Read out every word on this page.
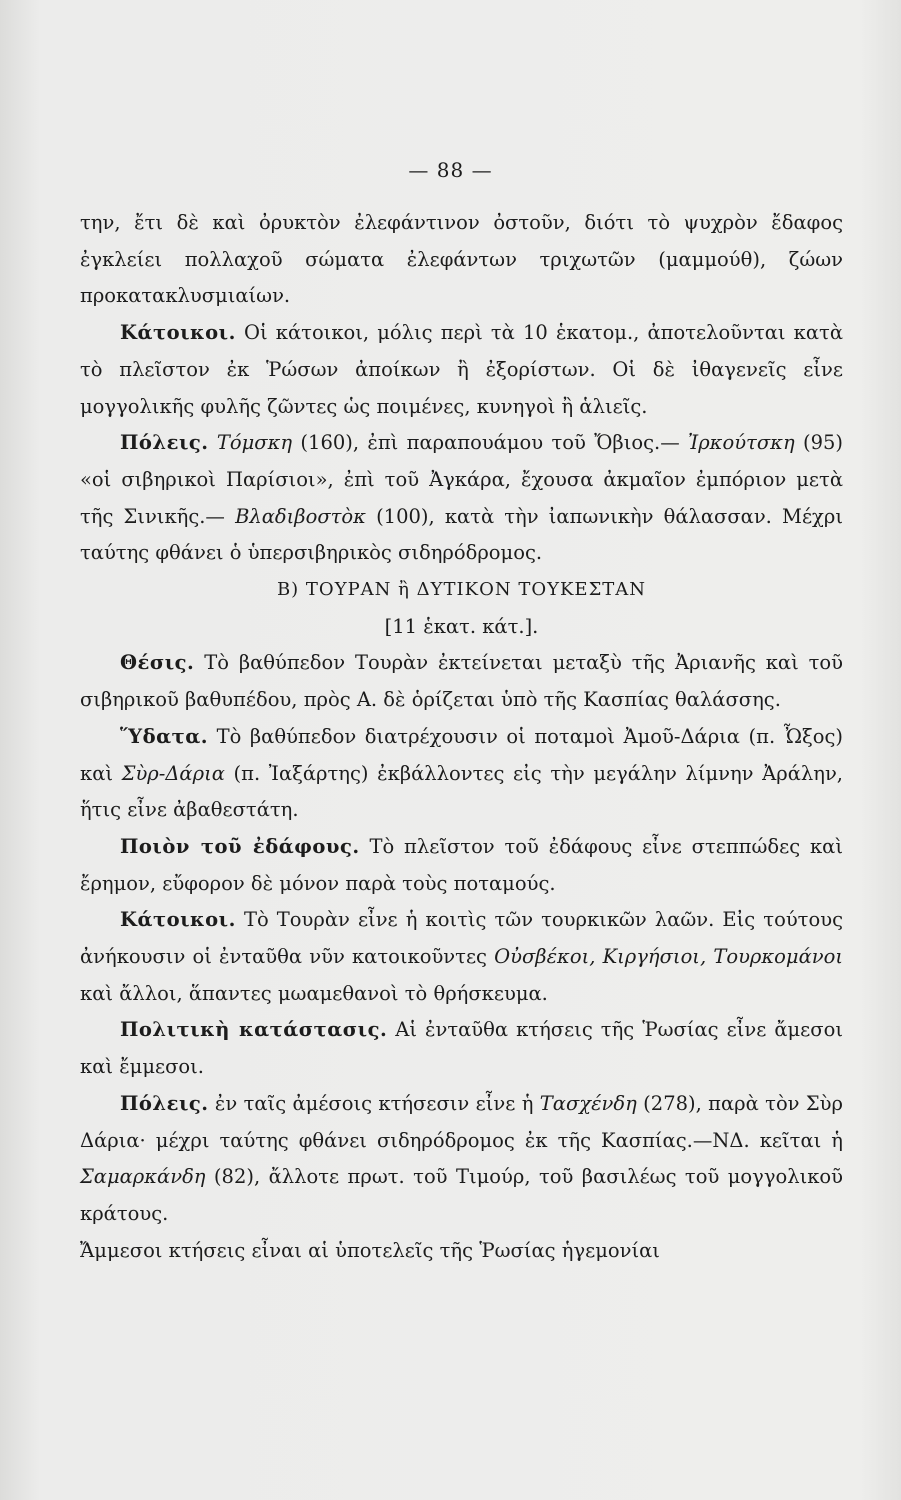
— 88 —

την, ἔτι δὲ καὶ ὀρυκτὸν ἐλεφάντινον ὀστοῦν, διότι τὸ ψυχρὸν ἔδαφος ἐγκλείει πολλαχοῦ σώματα ἐλεφάντων τριχωτῶν (μαμμούθ), ζώων προκατακλυσμιαίων.

Κάτοικοι. Οἱ κάτοικοι, μόλις περὶ τὰ 10 ἑκατομ., ἀποτελοῦνται κατὰ τὸ πλεῖστον ἐκ Ῥώσων ἀποίκων ἢ ἐξορίστων. Οἱ δὲ ἰθαγενεῖς εἶνε μογγολικῆς φυλῆς ζῶντες ὡς ποιμένες, κυνηγοὶ ἢ ἁλιεῖς.

Πόλεις. Τόμσκη (160), ἐπὶ παραπουάμου τοῦ Ὄβιος.— Ἰρκούτσκη (95) «οἱ σιβηρικοὶ Παρίσιοι», ἐπὶ τοῦ Ἀγκάρα, ἔχουσα ἀκμαῖον ἐμπόριον μετὰ τῆς Σινικῆς.— Βλαδιβοστὸκ (100), κατὰ τὴν ἰαπωνικὴν θάλασσαν. Μέχρι ταύτης φθάνει ὁ ὑπερσιβηρικὸς σιδηρόδρομος.

Β) ΤΟΥΡΑΝ ἢ ΔΥΤΙΚΟΝ ΤΟΥΚΕΣΤΑΝ

[11 ἑκατ. κάτ.].

Θέσις. Τὸ βαθύπεδον Τουρὰν ἐκτείνεται μεταξὺ τῆς Ἀριανῆς καὶ τοῦ σιβηρικοῦ βαθυπέδου, πρὸς Α. δὲ ὁρίζεται ὑπὸ τῆς Κασπίας θαλάσσης.

Ὕδατα. Τὸ βαθύπεδον διατρέχουσιν οἱ ποταμοὶ Ἀμοῦ-Δάρια (π. Ὦξος) καὶ Σὺρ-Δάρια (π. Ἰαξάρτης) ἐκβάλλοντες εἰς τὴν μεγάλην λίμνην Ἀράλην, ἥτις εἶνε ἀβαθεστάτη.

Ποιὸν τοῦ ἐδάφους. Τὸ πλεῖστον τοῦ ἐδάφους εἶνε στεππώδες καὶ ἔρημον, εὔφορον δὲ μόνον παρὰ τοὺς ποταμούς.

Κάτοικοι. Τὸ Τουρὰν εἶνε ἡ κοιτὶς τῶν τουρκικῶν λαῶν. Εἰς τούτους ἀνήκουσιν οἱ ἐνταῦθα νῦν κατοικοῦντες Οὐσβέκοι, Κιργήσιοι, Τουρκομάνοι καὶ ἄλλοι, ἅπαντες μωαμεθανοὶ τὸ θρήσκευμα.

Πολιτικὴ κατάστασις. Αἱ ἐνταῦθα κτήσεις τῆς Ῥωσίας εἶνε ἄμεσοι καὶ ἔμμεσοι.

Πόλεις. ἐν ταῖς ἀμέσοις κτήσεσιν εἶνε ἡ Τασχένδη (278), παρὰ τὸν Σὺρ Δάρια· μέχρι ταύτης φθάνει σιδηρόδρομος ἐκ τῆς Κασπίας.—ΝΔ. κεῖται ἡ Σαμαρκάνδη (82), ἄλλοτε πρωτ. τοῦ Τιμούρ, τοῦ βασιλέως τοῦ μογγολικοῦ κράτους.

Ἄμμεσοι κτήσεις εἶναι αἱ ὑποτελεῖς τῆς Ῥωσίας ἡγεμονίαι
